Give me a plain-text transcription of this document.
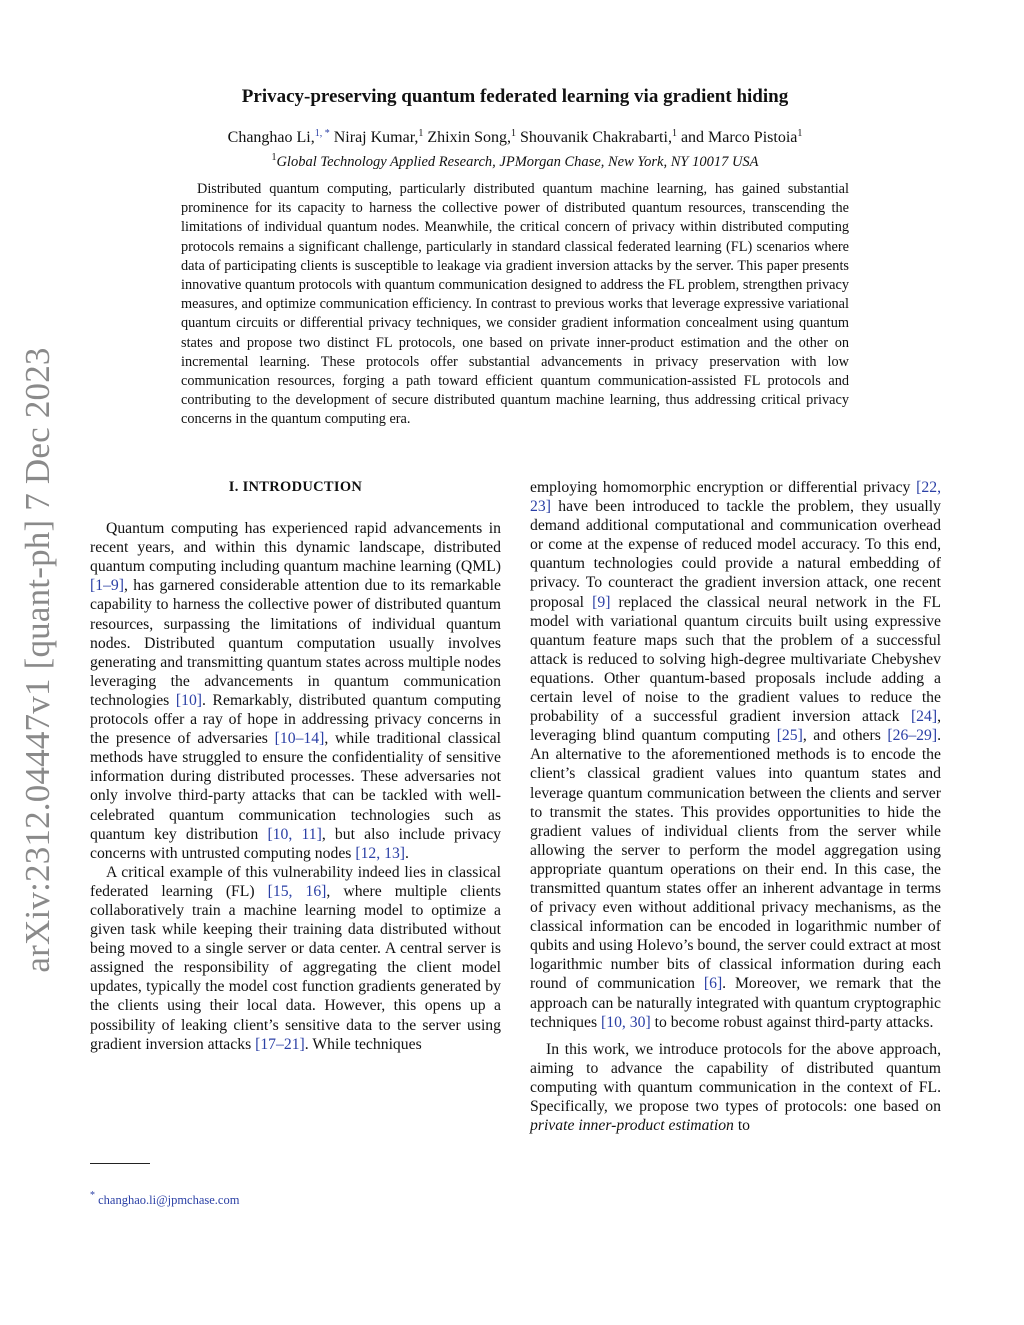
arXiv:2312.04447v1 [quant-ph] 7 Dec 2023
Privacy-preserving quantum federated learning via gradient hiding
Changhao Li,$^{1, *}$ Niraj Kumar,$^1$ Zhixin Song,$^1$ Shouvanik Chakrabarti,$^1$ and Marco Pistoia$^1$
$^1$Global Technology Applied Research, JPMorgan Chase, New York, NY 10017 USA

Distributed quantum computing, particularly distributed quantum machine learning, has gained substantial prominence for its capacity to harness the collective power of distributed quantum resources, transcending the limitations of individual quantum nodes. Meanwhile, the critical concern of privacy within distributed computing protocols remains a significant challenge, particularly in standard classical federated learning (FL) scenarios where data of participating clients is susceptible to leakage via gradient inversion attacks by the server. This paper presents innovative quantum protocols with quantum communication designed to address the FL problem, strengthen privacy measures, and optimize communication efficiency. In contrast to previous works that leverage expressive variational quantum circuits or differential privacy techniques, we consider gradient information concealment using quantum states and propose two distinct FL protocols, one based on private inner-product estimation and the other on incremental learning. These protocols offer substantial advancements in privacy preservation with low communication resources, forging a path toward efficient quantum communication-assisted FL protocols and contributing to the development of secure distributed quantum machine learning, thus addressing critical privacy concerns in the quantum computing era.

I. INTRODUCTION

Quantum computing has experienced rapid advancements in recent years, and within this dynamic landscape, distributed quantum computing including quantum machine learning (QML) [1–9], has garnered considerable attention due to its remarkable capability to harness the collective power of distributed quantum resources, surpassing the limitations of individual quantum nodes. Distributed quantum computation usually involves generating and transmitting quantum states across multiple nodes leveraging the advancements in quantum communication technologies [10]. Remarkably, distributed quantum computing protocols offer a ray of hope in addressing privacy concerns in the presence of adversaries [10–14], while traditional classical methods have struggled to ensure the confidentiality of sensitive information during distributed processes. These adversaries not only involve third-party attacks that can be tackled with well-celebrated quantum communication technologies such as quantum key distribution [10, 11], but also include privacy concerns with untrusted computing nodes [12, 13].

A critical example of this vulnerability indeed lies in classical federated learning (FL) [15, 16], where multiple clients collaboratively train a machine learning model to optimize a given task while keeping their training data distributed without being moved to a single server or data center. A central server is assigned the responsibility of aggregating the client model updates, typically the model cost function gradients generated by the clients using their local data. However, this opens up a possibility of leaking client’s sensitive data to the server using gradient inversion attacks [17–21]. While techniques

employing homomorphic encryption or differential privacy [22, 23] have been introduced to tackle the problem, they usually demand additional computational and communication overhead or come at the expense of reduced model accuracy. To this end, quantum technologies could provide a natural embedding of privacy. To counteract the gradient inversion attack, one recent proposal [9] replaced the classical neural network in the FL model with variational quantum circuits built using expressive quantum feature maps such that the problem of a successful attack is reduced to solving high-degree multivariate Chebyshev equations. Other quantum-based proposals include adding a certain level of noise to the gradient values to reduce the probability of a successful gradient inversion attack [24], leveraging blind quantum computing [25], and others [26–29]. An alternative to the aforementioned methods is to encode the client’s classical gradient values into quantum states and leverage quantum communication between the clients and server to transmit the states. This provides opportunities to hide the gradient values of individual clients from the server while allowing the server to perform the model aggregation using appropriate quantum operations on their end. In this case, the transmitted quantum states offer an inherent advantage in terms of privacy even without additional privacy mechanisms, as the classical information can be encoded in logarithmic number of qubits and using Holevo’s bound, the server could extract at most logarithmic number bits of classical information during each round of communication [6]. Moreover, we remark that the approach can be naturally integrated with quantum cryptographic techniques [10, 30] to become robust against third-party attacks.

In this work, we introduce protocols for the above approach, aiming to advance the capability of distributed quantum computing with quantum communication in the context of FL. Specifically, we propose two types of protocols: one based on private inner-product estimation to

* changhao.li@jpmchase.com
